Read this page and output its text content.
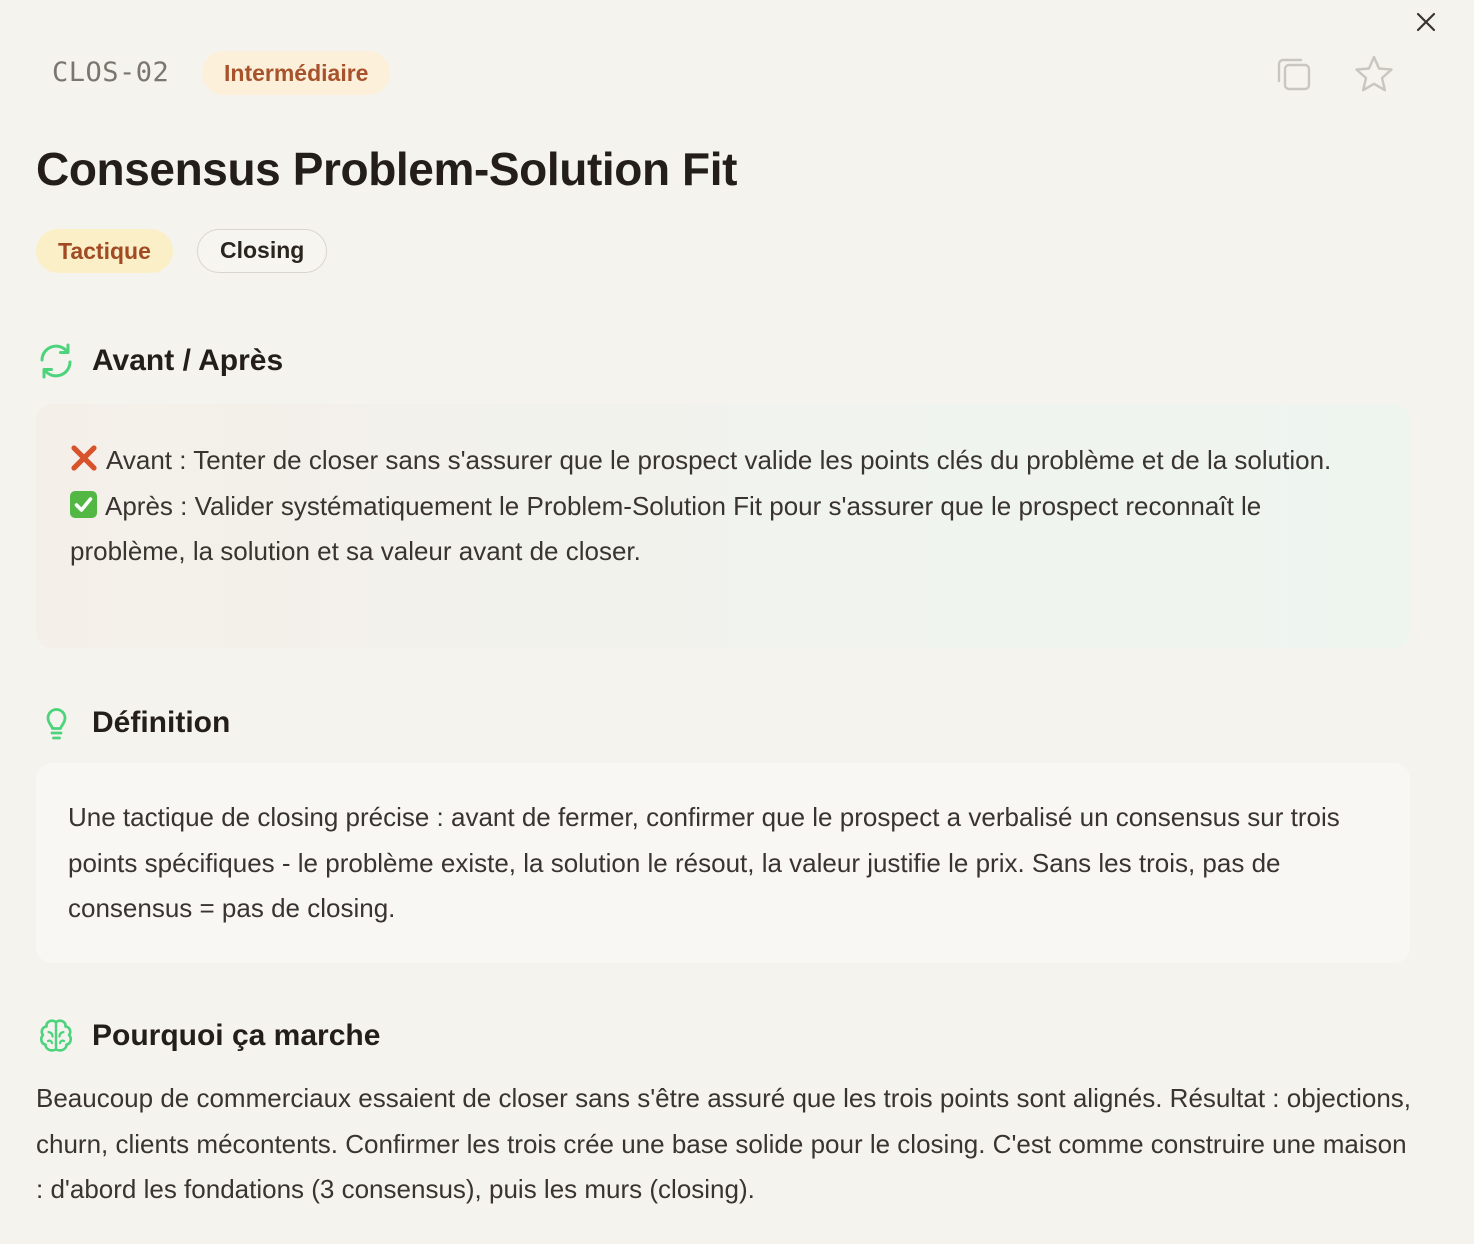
CLOS-02	Intermédiaire
Consensus Problem-Solution Fit
Tactique	Closing
Avant / Après
Avant : Tenter de closer sans s'assurer que le prospect valide les points clés du problème et de la solution.
Après : Valider systématiquement le Problem-Solution Fit pour s'assurer que le prospect reconnaît le problème, la solution et sa valeur avant de closer.
Définition
Une tactique de closing précise : avant de fermer, confirmer que le prospect a verbalisé un consensus sur trois points spécifiques - le problème existe, la solution le résout, la valeur justifie le prix. Sans les trois, pas de consensus = pas de closing.
Pourquoi ça marche

Beaucoup de commerciaux essaient de closer sans s'être assuré que les trois points sont alignés. Résultat : objections, churn, clients mécontents. Confirmer les trois crée une base solide pour le closing. C'est comme construire une maison : d'abord les fondations (3 consensus), puis les murs (closing).
